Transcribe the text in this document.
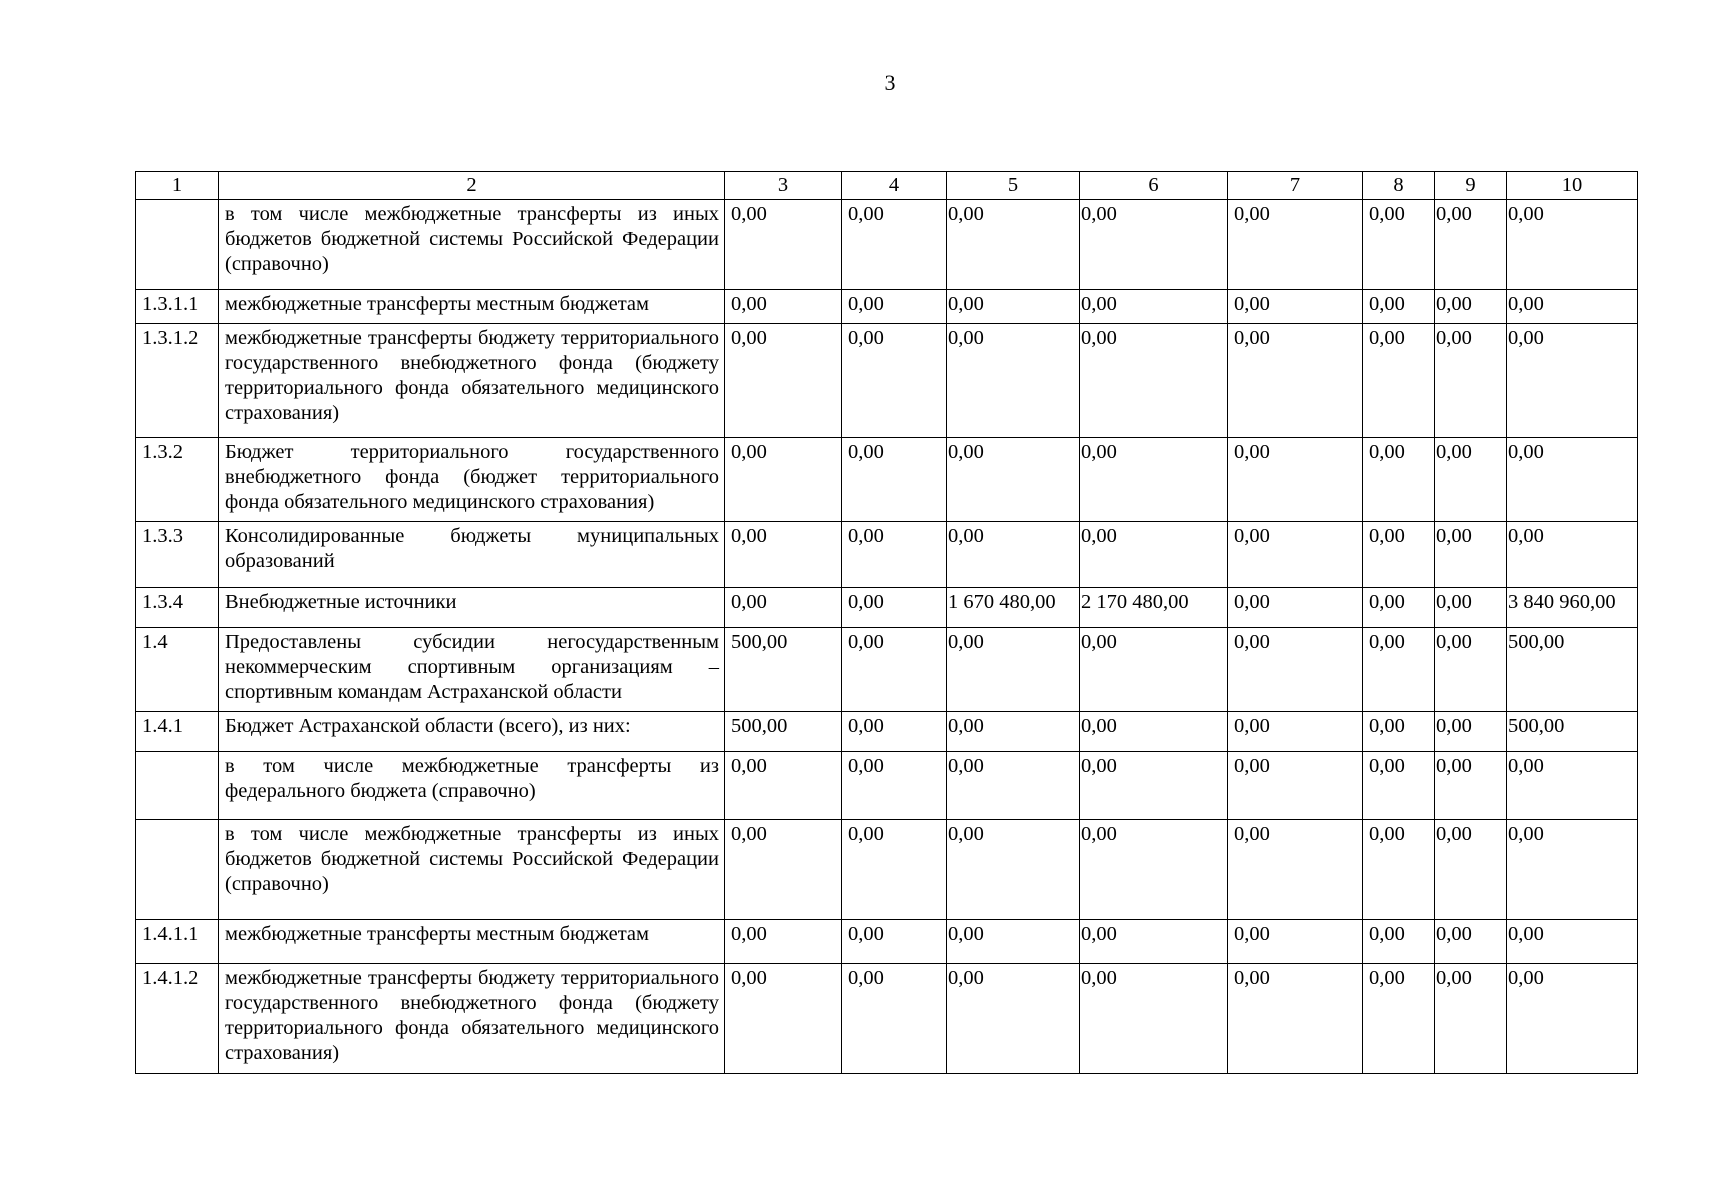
3
1	2	3	4	5	6	7	8	9	10
	в том числе межбюджетные трансферты из иных бюджетов бюджетной системы Российской Федерации (справочно)	0,00	0,00	0,00	0,00	0,00	0,00	0,00	0,00
1.3.1.1	межбюджетные трансферты местным бюджетам	0,00	0,00	0,00	0,00	0,00	0,00	0,00	0,00
1.3.1.2	межбюджетные трансферты бюджету территориального государственного внебюджетного фонда (бюджету территориального фонда обязательного медицинского страхования)	0,00	0,00	0,00	0,00	0,00	0,00	0,00	0,00
1.3.2	Бюджет территориального государственного внебюджетного фонда (бюджет территориального фонда обязательного медицинского страхования)	0,00	0,00	0,00	0,00	0,00	0,00	0,00	0,00
1.3.3	Консолидированные бюджеты муниципальных образований	0,00	0,00	0,00	0,00	0,00	0,00	0,00	0,00
1.3.4	Внебюджетные источники	0,00	0,00	1 670 480,00	2 170 480,00	0,00	0,00	0,00	3 840 960,00
1.4	Предоставлены субсидии негосударственным некоммерческим спортивным организациям – спортивным командам Астраханской области	500,00	0,00	0,00	0,00	0,00	0,00	0,00	500,00
1.4.1	Бюджет Астраханской области (всего), из них:	500,00	0,00	0,00	0,00	0,00	0,00	0,00	500,00
	в том числе межбюджетные трансферты из федерального бюджета (справочно)	0,00	0,00	0,00	0,00	0,00	0,00	0,00	0,00
	в том числе межбюджетные трансферты из иных бюджетов бюджетной системы Российской Федерации (справочно)	0,00	0,00	0,00	0,00	0,00	0,00	0,00	0,00
1.4.1.1	межбюджетные трансферты местным бюджетам	0,00	0,00	0,00	0,00	0,00	0,00	0,00	0,00
1.4.1.2	межбюджетные трансферты бюджету территориального государственного внебюджетного фонда (бюджету территориального фонда обязательного медицинского страхования)	0,00	0,00	0,00	0,00	0,00	0,00	0,00	0,00
